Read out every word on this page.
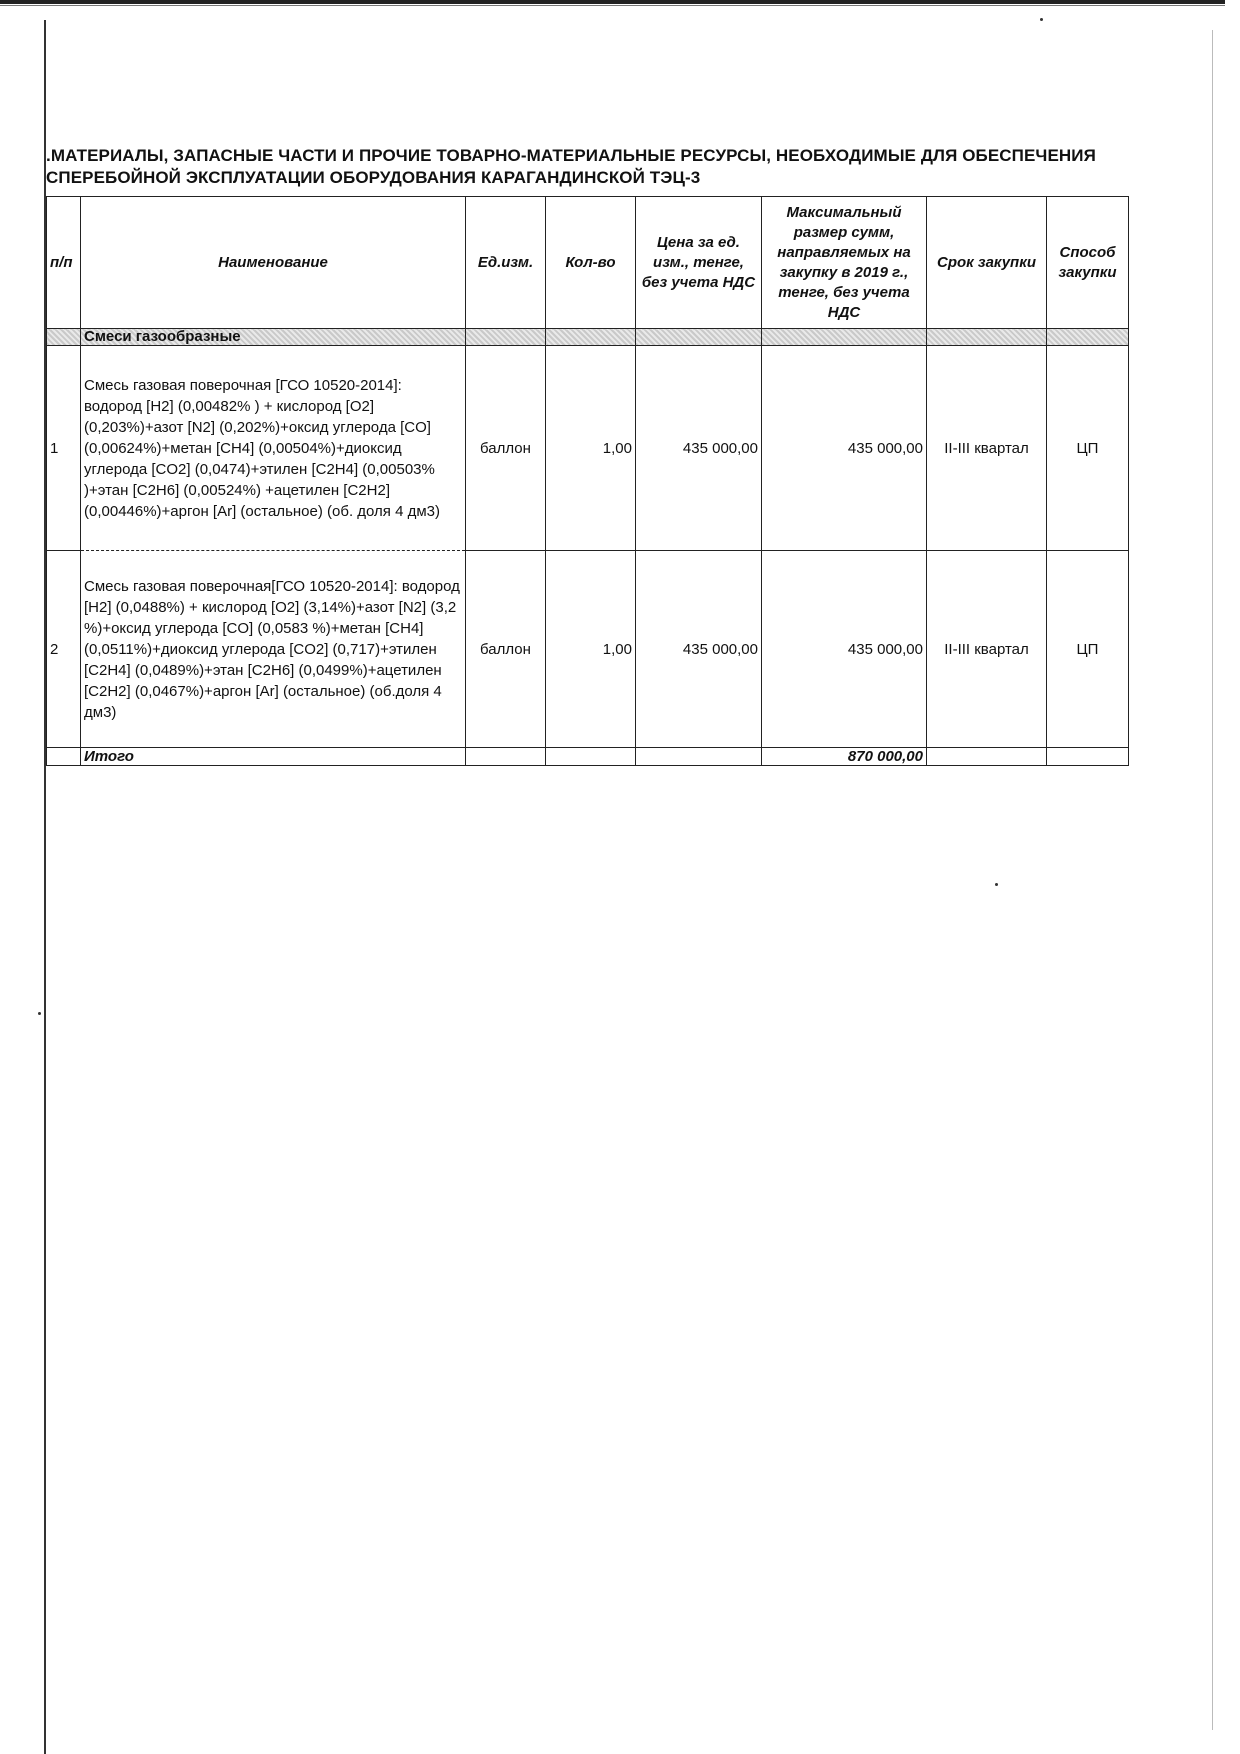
.МАТЕРИАЛЫ, ЗАПАСНЫЕ ЧАСТИ И ПРОЧИЕ ТОВАРНО-МАТЕРИАЛЬНЫЕ РЕСУРСЫ, НЕОБХОДИМЫЕ ДЛЯ ОБЕСПЕЧЕНИЯ
СПЕРЕБОЙНОЙ ЭКСПЛУАТАЦИИ ОБОРУДОВАНИЯ КАРАГАНДИНСКОЙ ТЭЦ-3
п/п	Наименование	Ед.изм.	Кол-во	Цена за ед. изм., тенге, без учета НДС	Максимальный размер сумм, направляемых на закупку в 2019 г., тенге, без учета НДС	Срок закупки	Способ закупки
	Смеси газообразные						
1	Смесь газовая поверочная [ГСО 10520-2014]: водород [H2] (0,00482% ) + кислород [O2] (0,203%)+азот [N2] (0,202%)+оксид углерода [CO] (0,00624%)+метан [CH4] (0,00504%)+диоксид углерода [CO2] (0,0474)+этилен [C2H4] (0,00503% )+этан [C2H6] (0,00524%) +ацетилен [C2H2] (0,00446%)+аргон [Ar] (остальное) (об. доля 4 дм3)	баллон	1,00	435 000,00	435 000,00	II-III квартал	ЦП
2	Смесь газовая поверочная[ГСО 10520-2014]: водород [H2] (0,0488%) + кислород [O2] (3,14%)+азот [N2] (3,2 %)+оксид углерода [CO] (0,0583 %)+метан [CH4] (0,0511%)+диоксид углерода [CO2] (0,717)+этилен [C2H4] (0,0489%)+этан [C2H6] (0,0499%)+ацетилен [C2H2] (0,0467%)+аргон [Ar] (остальное) (об.доля 4 дм3)	баллон	1,00	435 000,00	435 000,00	II-III квартал	ЦП
	Итого				870 000,00		
